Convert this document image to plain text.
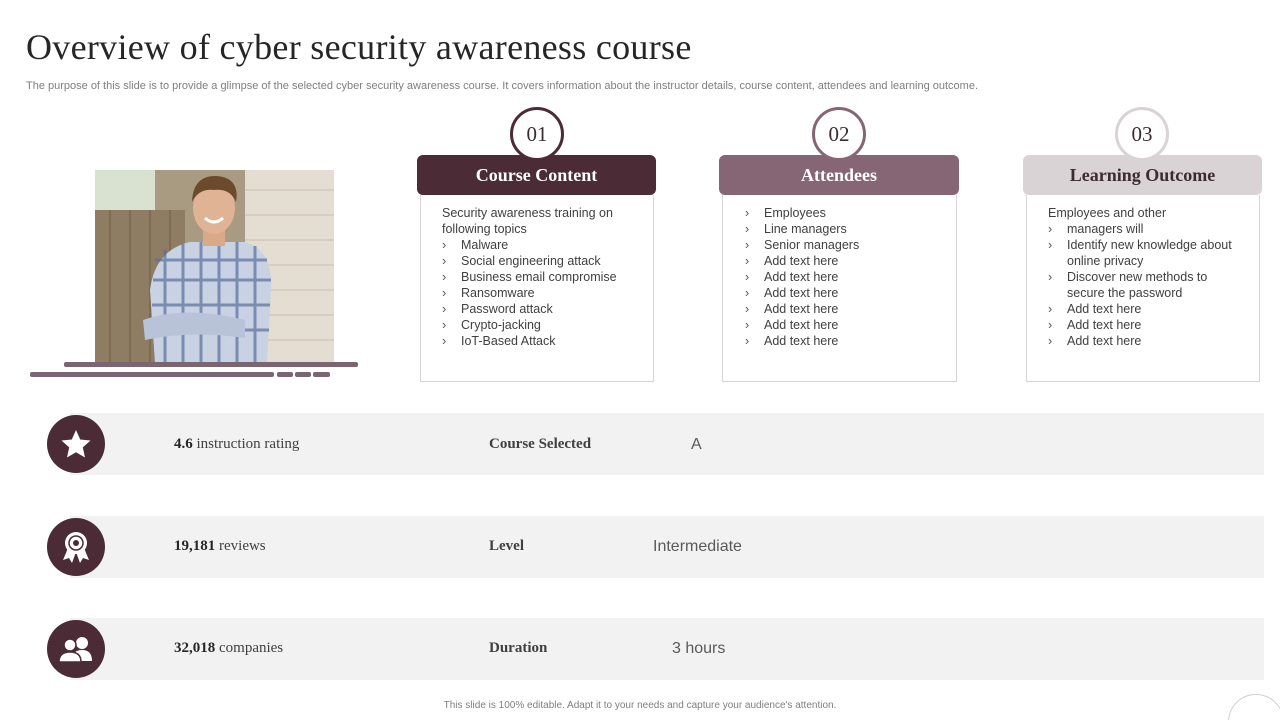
Overview of cyber security awareness course
The purpose of this slide is to provide a glimpse of the selected cyber security awareness course. It covers information about the instructor details, course content, attendees and learning outcome.
01
Course Content
Security awareness training on following topics
› Malware
› Social engineering attack
› Business email compromise
› Ransomware
› Password attack
› Crypto-jacking
› IoT-Based Attack
02
Attendees
› Employees
› Line managers
› Senior managers
› Add text here
› Add text here
› Add text here
› Add text here
› Add text here
› Add text here
03
Learning Outcome
Employees and other
› managers will
› Identify new knowledge about online privacy
› Discover new methods to secure the password
› Add text here
› Add text here
› Add text here
4.6 instruction rating	Course Selected	A
19,181 reviews	Level	Intermediate
32,018 companies	Duration	3 hours
This slide is 100% editable. Adapt it to your needs and capture your audience's attention.
